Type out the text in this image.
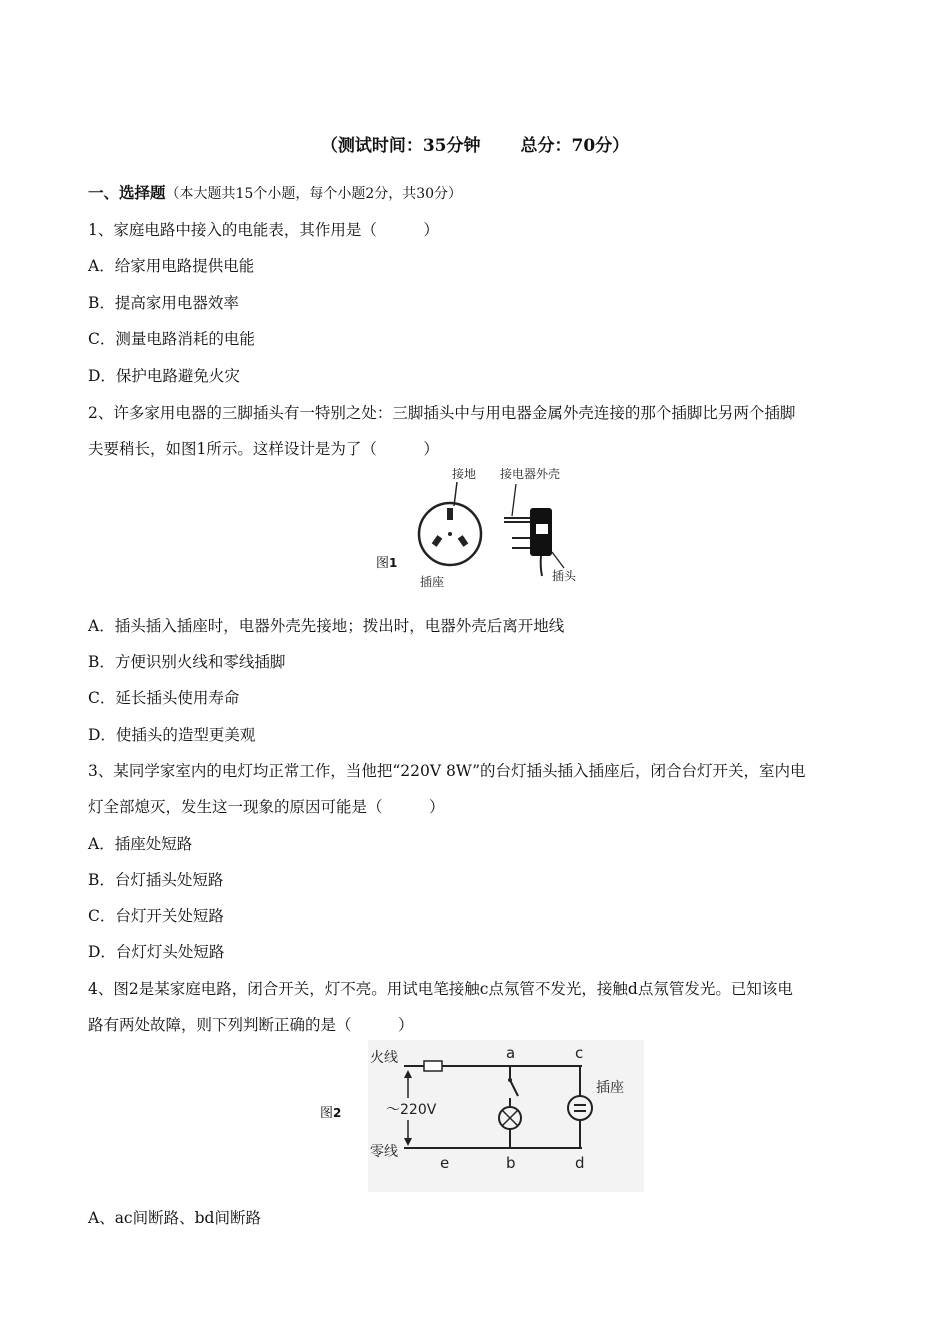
（测试时间：35分钟 总分：70分）
一、选择题（本大题共15个小题，每个小题2分，共30分）
1、家庭电路中接入的电能表，其作用是（　　　）
A．给家用电路提供电能
B．提高家用电器效率
C．测量电路消耗的电能
D．保护电路避免火灾
2、许多家用电器的三脚插头有一特别之处：三脚插头中与用电器金属外壳连接的那个插脚比另两个插脚
夫要稍长，如图1所示。这样设计是为了（　　　）
图1
接地
插座
接电器外壳
插头
A．插头插入插座时，电器外壳先接地；拨出时，电器外壳后离开地线
B．方便识别火线和零线插脚
C．延长插头使用寿命
D．使插头的造型更美观
3、某同学家室内的电灯均正常工作，当他把“220V 8W”的台灯插头插入插座后，闭合台灯开关，室内电
灯全部熄灭，发生这一现象的原因可能是（　　　）
A．插座处短路
B．台灯插头处短路
C．台灯开关处短路
D．台灯灯头处短路
4、图2是某家庭电路，闭合开关，灯不亮。用试电笔接触c点氖管不发光，接触d点氖管发光。已知该电
路有两处故障，则下列判断正确的是（　　　）
图2	～220V
火线
零线
插座
a
b
c
d
e
A、ac间断路、bd间断路
